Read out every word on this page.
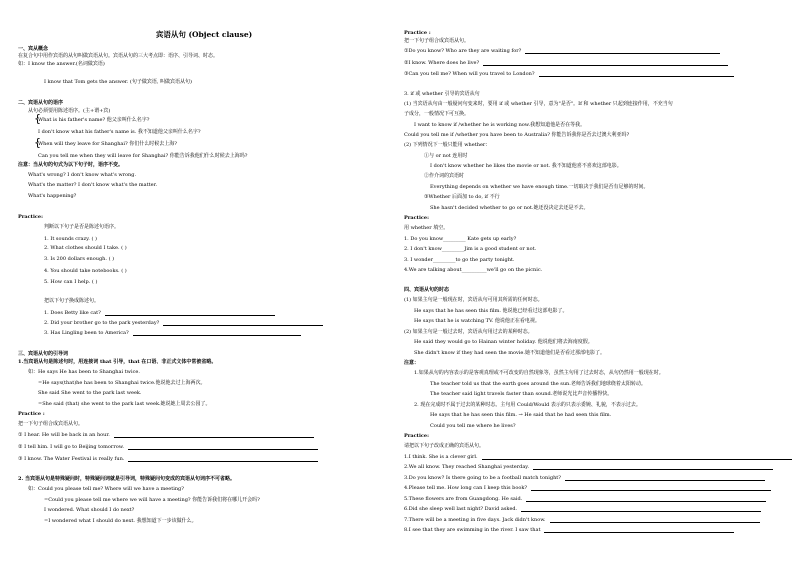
宾语从句 (Object clause)
{
{
一、宾从概念
在复合句中用作宾语的从句叫做宾语从句。宾语从句的三大考点即：语序、引导词、时态。
如：I know the answer.(名词做宾语)
I know that Tom gets the answer. (句子做宾语, 叫做宾语从句)
二、宾语从句的语序
从句必须要用陈述语序。(主+谓+宾)
What is his father's name? 他父亲叫什么名字?
I don't know what his father's name is. 我不知道他父亲叫什么名字?
When will they leave for Shanghai? 你们什么时候去上海?
Can you tell me when they will leave for Shanghai? 你能告诉我他们什么时候去上海吗?
注意：当从句的句式为以下句子时，语序不变。
What's wrong? I don't know what's wrong.
What's the matter? I don't know what's the matter.
What's happening?
Practice:
判断以下句子是否是陈述句语序。
1. It sounds crazy. ( )
2. What clothes should I take. ( )
3. Is 200 dollars enough. ( )
4. You should take notebooks. ( )
5. How can I help. ( )
把以下句子换成陈述句。
1. Does Betty like cat?
2. Did your brother go to the park yesterday?
3. Has Lingling been to America?
三、宾语从句的引导词
1.当宾语从句是陈述句时，用连接词 that 引导，that 在口语、非正式文体中常被省略。
如：He says He has been to Shanghai twice.
=He says(that)he has been to Shanghai twice.他说他去过上海两次。
She said She went to the park last week.
=She said (that) she went to the park last week.她说她上周去公园了。
Practice :
把一下句子组合成宾语从句。
① I hear. He will be back in an hour.
② I tell him. I will go to Beijing tomorrow.
③ I know. The Water Festival is really fun.
2. 当宾语从句是特殊疑问时，特殊疑问词就是引导词，特殊疑问句变成的宾语从句词序不可省略。
如：Could you please tell me? Where will we have a meeting?
=Could you please tell me where we will have a meeting? 你能告诉我们将在哪儿开会吗?
I wondered. What should I do next?
=I wondered what I should do next. 我想知道下一步该做什么。
Practice :
把一下句子组合成宾语从句。
①Do you know? Who are they are waiting for?
②I know. Where does he live?
③Can you tell me? When will you travel to London?
3. if 或 whether 引导的宾语从句
(1) 当宾语从句由一般疑问句变来时，要用 if 或 whether 引导，意为"是否"。If 和 whether 只起到连接作用，不充当句
子成分，一般情况下可互换。
I want to know if /whether he is working now.我想知道他是否在等我。
Could you tell me if /whether you have been to Australia? 你能告诉我你是否去过澳大利亚吗?
(2) 下列情况下一般只能用 whether：
①与 or not 连用时
I don't know whether he likes the movie or not. 我不知道他喜不喜欢这部电影。
②作介词的宾语时
Everything depends on whether we have enough time.一切取决于我们是否有足够的时间。
③Whether 后面加 to do, if 不行
She hasn't decided whether to go or not.她还没决定去还是不去。
Practice:
用 whether 填空。
1. Do you know_________ Kate gets up early?
2. I don't know_________Jim is a good student or not.
3. I wonder_________to go the party tonight.
4.We are talking about__________we'll go on the picnic.
四、宾语从句的时态
(1) 如果主句是一般现在时，宾语从句可用其所需的任何时态。
He says that he has seen this film. 他说他已经看过这部电影了。
He says that he is watching TV. 他说他正在看电视。
(2) 如果主句是一般过去时，宾语从句用过去的某种时态。
He said they would go to Hainan winter holiday. 他说他们将去海南度假。
She didn't know if they had seen the movie.她不知道他们是否看过那部电影了。
注意：
1.如果从句的内容表示的是客观真理或不可改变的自然现象等，虽然主句用了过去时态，从句仍然用一般现在时。
The teacher told us that the earth goes around the sun.老师告诉我们地球绕着太阳转动。
The teacher said light travels faster than sound.老师说光比声音传播得快。
2. 现在完成时不属于过去的某种时态。主句用 Could/Would 表示的只表示委婉、礼貌，不表示过去。
He says that he has seen this film. → He said that he had seen this film.
Could you tell me where he lives?
Practice:
请把以下句子改成正确的宾语从句。
1.I think. She is a clever girl.
2.We all know. They reached Shanghai yesterday.
3.Do you know? Is there going to be a football match tonight?
4.Please tell me. How long can I keep this book?
5.These flowers are from Guangdong. He said.
6.Did she sleep well last night? David asked.
7.There will be a meeting in five days. Jack didn't know.
8.I see that they are swimming in the river. I saw that
